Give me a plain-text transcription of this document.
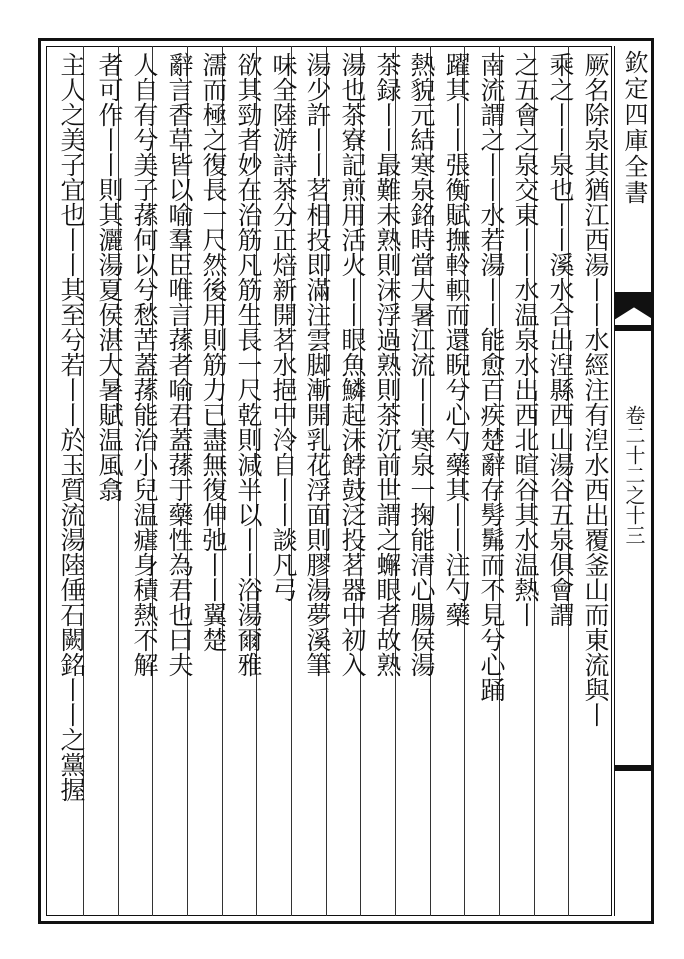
欽定四庫全書
卷二十二之十三
厥名除泉其猶江西湯丨丨水經注有湼水西出覆釜山而東流與丨
乘之丨丨泉也丨丨溪水合出湼縣西山湯谷五泉俱會謂
之五會之泉交東丨丨水温泉水出西北暄谷其水温熱丨
南流謂之丨丨水若湯丨丨能愈百疾楚辭存髣髴而不見兮心踊
躍其丨丨張衡賦撫軨軹而還睨兮心勺藥其丨丨注勺藥
熱貌元結寒泉銘時當大暑江流丨丨寒泉一掬能清心腸侯湯
茶録丨丨最難未熟則沫浮過熟則茶沉前世謂之蠏眼者故熟
湯也茶寮記煎用活火丨丨眼魚鱗起沫餑鼓泛投茗器中初入
湯少許丨丨茗相投即滿注雲脚漸開乳花浮面則膠湯夢溪筆
味全陸游詩茶分正焙新開茗水挹中泠自丨丨談凡弓
欲其勁者妙在治筋凡筋生長一尺乾則減半以丨丨浴湯爾雅
濡而極之復長一尺然後用則筋力已盡無復伸弛丨丨翼楚
辭言香草皆以喻羣臣唯言蓀者喻君蓋蓀于藥性為君也曰夫
人自有兮美子蓀何以兮愁苦蓋蓀能治小兒温瘧身積熱不解
者可作丨丨則其灑湯夏侯湛大暑賦温風翕
主人之美子宜也丨丨其至兮若丨丨於玉質流湯陸倕石闕銘丨丨之黨握
